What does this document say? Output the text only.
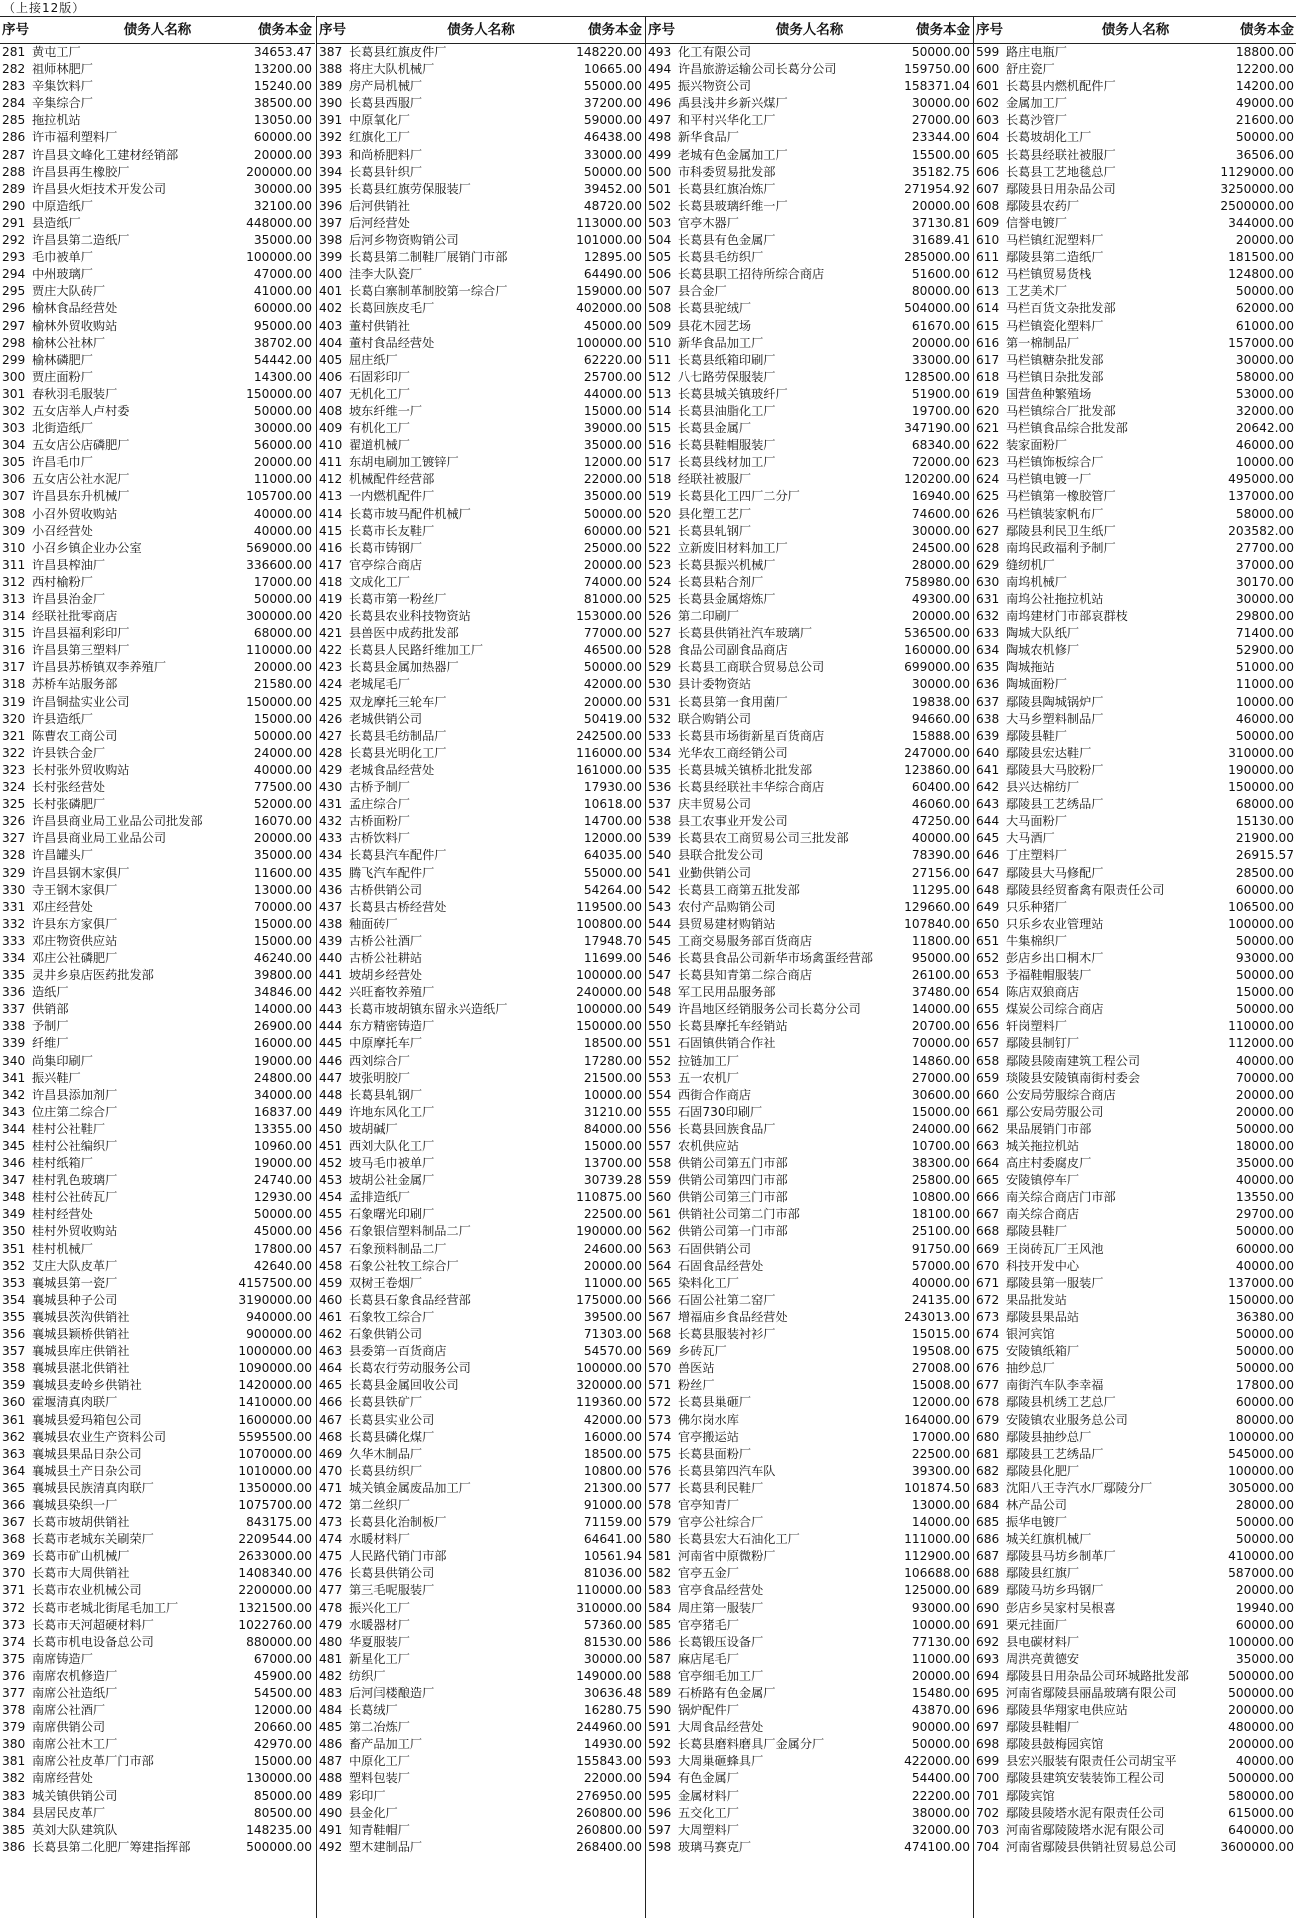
（上接12版）
序号	债务人名称	债务本金
281 黄屯工厂	34653.47
282 祖师林肥厂	13200.00
283 辛集饮料厂	15240.00
284 辛集综合厂	38500.00
285 拖拉机站	13050.00
286 许市福利塑料厂	60000.00
287 许昌县文峰化工建材经销部	20000.00
288 许昌县再生橡胶厂	200000.00
289 许昌县火炬技术开发公司	30000.00
290 中原造纸厂	32100.00
291 县造纸厂	448000.00
292 许昌县第二造纸厂	35000.00
293 毛巾被单厂	100000.00
294 中州玻璃厂	47000.00
295 贾庄大队砖厂	41000.00
296 榆林食品经营处	60000.00
297 榆林外贸收购站	95000.00
298 榆林公社林厂	38702.00
299 榆林磷肥厂	54442.00
300 贾庄面粉厂	14300.00
301 春秋羽毛服装厂	150000.00
302 五女店举人卢村委	50000.00
303 北街造纸厂	30000.00
304 五女店公店磷肥厂	56000.00
305 许昌毛巾厂	20000.00
306 五女店公社水泥厂	11000.00
307 许昌县东升机械厂	105700.00
308 小召外贸收购站	40000.00
309 小召经营处	40000.00
310 小召乡镇企业办公室	569000.00
311 许昌县榨油厂	336600.00
312 西村榆粉厂	17000.00
313 许昌县治金厂	50000.00
314 经联社批零商店	300000.00
315 许昌县福利彩印厂	68000.00
316 许昌县第三塑料厂	110000.00
317 许昌县苏桥镇双李养殖厂	20000.00
318 苏桥车站服务部	21580.00
319 许昌铜盐实业公司	150000.00
320 许县造纸厂	15000.00
321 陈曹农工商公司	50000.00
322 许县铁合金厂	24000.00
323 长村张外贸收购站	40000.00
324 长村张经营处	77500.00
325 长村张磷肥厂	52000.00
326 许昌县商业局工业品公司批发部	16070.00
327 许昌县商业局工业品公司	20000.00
328 许昌罐头厂	35000.00
329 许昌县钢木家俱厂	11600.00
330 寺王钢木家俱厂	13000.00
331 邓庄经营处	70000.00
332 许县东方家俱厂	15000.00
333 邓庄物资供应站	15000.00
334 邓庄公社磷肥厂	46240.00
335 灵井乡泉店医药批发部	39800.00
336 造纸厂	34846.00
337 供销部	14000.00
338 予制厂	26900.00
339 纤维厂	16000.00
340 尚集印刷厂	19000.00
341 振兴鞋厂	24800.00
342 许昌县添加剂厂	34000.00
343 位庄第二综合厂	16837.00
344 桂村公社鞋厂	13355.00
345 桂村公社编织厂	10960.00
346 桂村纸箱厂	19000.00
347 桂村乳色玻璃厂	24740.00
348 桂村公社砖瓦厂	12930.00
349 桂村经营处	50000.00
350 桂村外贸收购站	45000.00
351 桂村机械厂	17800.00
352 艾庄大队皮革厂	42640.00
353 襄城县第一瓷厂	4157500.00
354 襄城县种子公司	3190000.00
355 襄城县茨沟供销社	940000.00
356 襄城县颖桥供销社	900000.00
357 襄城县库庄供销社	1000000.00
358 襄城县湛北供销社	1090000.00
359 襄城县麦岭乡供销社	1420000.00
360 霍堰清真肉联厂	1410000.00
361 襄城县爱玛箱包公司	1600000.00
362 襄城县农业生产资料公司	5595500.00
363 襄城县果品日杂公司	1070000.00
364 襄城县土产日杂公司	1010000.00
365 襄城县民族清真肉联厂	1350000.00
366 襄城县染织一厂	1075700.00
367 长葛市坡胡供销社	843175.00
368 长葛市老城东关刷荣厂	2209544.00
369 长葛市矿山机械厂	2633000.00
370 长葛市大周供销社	1408340.00
371 长葛市农业机械公司	2200000.00
372 长葛市老城北街尾毛加工厂	1321500.00
373 长葛市天河超硬材料厂	1022760.00
374 长葛市机电设备总公司	880000.00
375 南席铸造厂	67000.00
376 南席农机修造厂	45900.00
377 南席公社造纸厂	54500.00
378 南席公社酒厂	12000.00
379 南席供销公司	20660.00
380 南席公社木工厂	42970.00
381 南席公社皮革厂门市部	15000.00
382 南席经营处	130000.00
383 城关镇供销公司	85000.00
384 县居民皮革厂	80500.00
385 英刘大队建筑队	148235.00
386 长葛县第二化肥厂筹建指挥部	500000.00
序号	债务人名称	债务本金
387 长葛县红旗皮件厂	148220.00
388 将庄大队机械厂	10665.00
389 房产局机械厂	55000.00
390 长葛县西服厂	37200.00
391 中原氧化厂	59000.00
392 红旗化工厂	46438.00
393 和尚桥肥料厂	33000.00
394 长葛县针织厂	50000.00
395 长葛县红旗劳保服装厂	39452.00
396 后河供销社	48720.00
397 后河经营处	113000.00
398 后河乡物资购销公司	101000.00
399 长葛县第二制鞋厂展销门市部	12895.00
400 洼李大队瓷厂	64490.00
401 长葛白寨制革制胶第一综合厂	159000.00
402 长葛回族皮毛厂	402000.00
403 董村供销社	45000.00
404 董村食品经营处	100000.00
405 屈庄纸厂	62220.00
406 石固彩印厂	25700.00
407 无机化工厂	44000.00
408 坡东纤维一厂	15000.00
409 有机化工厂	39000.00
410 翟道机械厂	35000.00
411 东胡电刷加工镀锌厂	12000.00
412 机械配件经营部	22000.00
413 一内燃机配件厂	35000.00
414 长葛市坡马配件机械厂	50000.00
415 长葛市长友鞋厂	60000.00
416 长葛市铸钢厂	25000.00
417 官亭综合商店	20000.00
418 文成化工厂	74000.00
419 长葛市第一粉丝厂	81000.00
420 长葛县农业科技物资站	153000.00
421 县兽医中成药批发部	77000.00
422 长葛县人民路纤维加工厂	46500.00
423 长葛县金属加热器厂	50000.00
424 老城尾毛厂	42000.00
425 双龙摩托三轮车厂	20000.00
426 老城供销公司	50419.00
427 长葛县毛纺制品厂	242500.00
428 长葛县光明化工厂	116000.00
429 老城食品经营处	161000.00
430 古桥予制厂	17930.00
431 孟庄综合厂	10618.00
432 古桥面粉厂	14700.00
433 古桥饮料厂	12000.00
434 长葛县汽车配件厂	64035.00
435 腾飞汽车配件厂	55000.00
436 古桥供销公司	54264.00
437 长葛县古桥经营处	119500.00
438 釉面砖厂	100800.00
439 古桥公社酒厂	17948.70
440 古桥公社耕站	11699.00
441 坡胡乡经营处	100000.00
442 兴旺畜牧养殖厂	240000.00
443 长葛市坡胡镇东留永兴造纸厂	100000.00
444 东方精密铸造厂	150000.00
445 中原摩托车厂	18500.00
446 西刘综合厂	17280.00
447 坡张明胶厂	21500.00
448 长葛县轧钢厂	10000.00
449 许地东风化工厂	31210.00
450 坡胡碱厂	84000.00
451 西刘大队化工厂	15000.00
452 坡马毛巾被单厂	13700.00
453 坡胡公社金属厂	30739.28
454 孟排造纸厂	110875.00
455 石象曙光印刷厂	22500.00
456 石象银信塑料制品二厂	190000.00
457 石象预料制品二厂	24600.00
458 石象公社牧工综合厂	20000.00
459 双树王卷烟厂	11000.00
460 长葛县石象食品经营部	175000.00
461 石象牧工综合厂	39500.00
462 石象供销公司	71303.00
463 县委第一百货商店	54570.00
464 长葛农行劳动服务公司	100000.00
465 长葛县金属回收公司	320000.00
466 长葛县铁矿厂	119360.00
467 长葛县实业公司	42000.00
468 长葛县磷化煤厂	16000.00
469 久华木制品厂	18500.00
470 长葛县纺织厂	10800.00
471 城关镇金属废品加工厂	21300.00
472 第二丝织厂	91000.00
473 长葛县化治制板厂	71159.00
474 水暖材料厂	64641.00
475 人民路代销门市部	10561.94
476 长葛县供销公司	81036.00
477 第三毛呢服装厂	110000.00
478 振兴化工厂	310000.00
479 水暖器材厂	57360.00
480 华夏服装厂	81530.00
481 新星化工厂	30000.00
482 纺织厂	149000.00
483 后河闫楼酿造厂	30636.48
484 长葛绒厂	16280.75
485 第二冶炼厂	244960.00
486 畜产品加工厂	14930.00
487 中原化工厂	155843.00
488 塑料包装厂	22000.00
489 彩印厂	276950.00
490 县金化厂	260800.00
491 知青鞋帽厂	260800.00
492 塑木建制品厂	268400.00
序号	债务人名称	债务本金
493 化工有限公司	50000.00
494 许昌旅游运输公司长葛分公司	159750.00
495 振兴物资公司	158371.04
496 禹县浅井乡新兴煤厂	30000.00
497 和平村兴华化工厂	27000.00
498 新华食品厂	23344.00
499 老城有色金属加工厂	15500.00
500 市科委贸易批发部	35182.75
501 长葛县红旗冶炼厂	271954.92
502 长葛县玻璃纤维一厂	20000.00
503 官亭木器厂	37130.81
504 长葛县有色金属厂	31689.41
505 长葛县毛纺织厂	285000.00
506 长葛县职工招待所综合商店	51600.00
507 县合金厂	80000.00
508 长葛县驼绒厂	504000.00
509 县花木园艺场	61670.00
510 新华食品加工厂	20000.00
511 长葛县纸箱印刷厂	33000.00
512 八七路劳保服装厂	128500.00
513 长葛县城关镇玻纤厂	51900.00
514 长葛县油脂化工厂	19700.00
515 长葛县金属厂	347190.00
516 长葛县鞋帽服装厂	68340.00
517 长葛县线材加工厂	72000.00
518 经联社被服厂	120200.00
519 长葛县化工四厂二分厂	16940.00
520 县化塑工艺厂	74600.00
521 长葛县轧钢厂	30000.00
522 立新废旧材料加工厂	24500.00
523 长葛县振兴机械厂	28000.00
524 长葛县粘合剂厂	758980.00
525 长葛县金属熔炼厂	49300.00
526 第二印刷厂	20000.00
527 长葛县供销社汽车玻璃厂	536500.00
528 食品公司副食品商店	160000.00
529 长葛县工商联合贸易总公司	699000.00
530 县计委物资站	30000.00
531 长葛县第一食用菌厂	19838.00
532 联合购销公司	94660.00
533 长葛县市场街新星百货商店	15888.00
534 光华农工商经销公司	247000.00
535 长葛县城关镇桥北批发部	123860.00
536 长葛县经联社丰华综合商店	60400.00
537 庆丰贸易公司	46060.00
538 县工农事业开发公司	47250.00
539 长葛县农工商贸易公司三批发部	40000.00
540 县联合批发公司	78390.00
541 业勤供销公司	27156.00
542 长葛县工商第五批发部	11295.00
543 农付产品购销公司	129660.00
544 县贸易建材购销站	107840.00
545 工商交易服务部百货商店	11800.00
546 长葛县食品公司新华市场禽蛋经营部	95000.00
547 长葛县知青第二综合商店	26100.00
548 军工民用品服务部	37480.00
549 许昌地区经销服务公司长葛分公司	14000.00
550 长葛县摩托车经销站	20700.00
551 石固镇供销合作社	70000.00
552 拉链加工厂	14860.00
553 五一农机厂	27000.00
554 西街合作商店	30600.00
555 石固730印刷厂	15000.00
556 长葛县回族食品厂	24000.00
557 农机供应站	10700.00
558 供销公司第五门市部	38300.00
559 供销公司第四门市部	25800.00
560 供销公司第三门市部	10800.00
561 供销社公司第二门市部	18100.00
562 供销公司第一门市部	25100.00
563 石固供销公司	91750.00
564 石固食品经营处	57000.00
565 染料化工厂	40000.00
566 石固公社第二窑厂	24135.00
567 增福庙乡食品经营处	243013.00
568 长葛县服装衬衫厂	15015.00
569 乡砖瓦厂	19508.00
570 兽医站	27008.00
571 粉丝厂	15008.00
572 长葛县巢砸厂	12000.00
573 佛尔岗水库	164000.00
574 官亭搬运站	17000.00
575 长葛县面粉厂	22500.00
576 长葛县第四汽车队	39300.00
577 长葛县利民鞋厂	101874.50
578 官亭知青厂	13000.00
579 官亭公社综合厂	14000.00
580 长葛县宏大石油化工厂	111000.00
581 河南省中原微粉厂	112900.00
582 官亭五金厂	106688.00
583 官亭食品经营处	125000.00
584 周庄第一服装厂	93000.00
585 官亭猪毛厂	10000.00
586 长葛锻压设备厂	77130.00
587 麻店尾毛厂	11000.00
588 官亭细毛加工厂	20000.00
589 石桥路有色金属厂	15480.00
590 锅炉配件厂	43870.00
591 大周食品经营处	90000.00
592 长葛县磨料磨具厂金属分厂	50000.00
593 大周巢砸蜂具厂	422000.00
594 有色金属厂	54400.00
595 金属材料厂	22200.00
596 五交化工厂	38000.00
597 大周塑料厂	32000.00
598 玻璃马赛克厂	474100.00
序号	债务人名称	债务本金
599 路庄电瓶厂	18800.00
600 舒庄瓷厂	12200.00
601 长葛县内燃机配件厂	14200.00
602 金属加工厂	49000.00
603 长葛沙管厂	21600.00
604 长葛坡胡化工厂	50000.00
605 长葛县经联社被服厂	36506.00
606 长葛县工艺地毯总厂	1129000.00
607 鄢陵县日用杂品公司	3250000.00
608 鄢陵县农药厂	2500000.00
609 信誉电镀厂	344000.00
610 马栏镇红泥塑料厂	20000.00
611 鄢陵县第二造纸厂	181500.00
612 马栏镇贸易货栈	124800.00
613 工艺美术厂	50000.00
614 马栏百货文杂批发部	62000.00
615 马栏镇瓷化塑料厂	61000.00
616 第一棉制品厂	157000.00
617 马栏镇糖杂批发部	30000.00
618 马栏镇日杂批发部	58000.00
619 国营鱼种繁殖场	53000.00
620 马栏镇综合厂批发部	32000.00
621 马栏镇食品综合批发部	20642.00
622 装家面粉厂	46000.00
623 马栏镇饰板综合厂	10000.00
624 马栏镇电镀一厂	495000.00
625 马栏镇第一橡胶管厂	137000.00
626 马栏镇装家帆布厂	58000.00
627 鄢陵县利民卫生纸厂	203582.00
628 南坞民政福利予制厂	27700.00
629 缝纫机厂	37000.00
630 南坞机械厂	30170.00
631 南坞公社拖拉机站	30000.00
632 南坞建材门市部哀群枝	29800.00
633 陶城大队纸厂	71400.00
634 陶城农机修厂	52900.00
635 陶城拖站	51000.00
636 陶城面粉厂	11000.00
637 鄢陵县陶城锅炉厂	10000.00
638 大马乡塑料制品厂	46000.00
639 鄢陵县鞋厂	50000.00
640 鄢陵县宏达鞋厂	310000.00
641 鄢陵县大马胶粉厂	190000.00
642 县兴达棉纺厂	150000.00
643 鄢陵县工艺绣品厂	68000.00
644 大马面粉厂	15130.00
645 大马酒厂	21900.00
646 丁庄塑料厂	26915.57
647 鄢陵县大马修配厂	28500.00
648 鄢陵县经贸畜禽有限责任公司	60000.00
649 只乐种猪厂	106500.00
650 只乐乡农业管理站	100000.00
651 牛集棉织厂	50000.00
652 彭店乡出口桐木厂	93000.00
653 予福鞋帽服装厂	50000.00
654 陈店双狼商店	15000.00
655 煤炭公司综合商店	50000.00
656 轩岗塑料厂	110000.00
657 鄢陵县制钉厂	112000.00
658 鄢陵县陵南建筑工程公司	40000.00
659 琰陵县安陵镇南街村委会	70000.00
660 公安局劳服综合商店	20000.00
661 鄢公安局劳服公司	20000.00
662 果品展销门市部	50000.00
663 城关拖拉机站	18000.00
664 高庄村委腐皮厂	35000.00
665 安陵镇停车厂	40000.00
666 南关综合商店门市部	13550.00
667 南关综合商店	29700.00
668 鄢陵县鞋厂	50000.00
669 王岗砖瓦厂王风池	60000.00
670 科技开发中心	40000.00
671 鄢陵县第一服装厂	137000.00
672 果品批发站	150000.00
673 鄢陵县果品站	36380.00
674 银河宾馆	50000.00
675 安陵镇纸箱厂	50000.00
676 抽纱总厂	50000.00
677 南街汽车队李幸福	17800.00
678 鄢陵县机绣工艺总厂	60000.00
679 安陵镇农业服务总公司	80000.00
680 鄢陵县抽纱总厂	100000.00
681 鄢陵县工艺绣品厂	545000.00
682 鄢陵县化肥厂	100000.00
683 沈阳八王寺汽水厂鄢陵分厂	305000.00
684 林产品公司	28000.00
685 振华电镀厂	50000.00
686 城关红旗机械厂	50000.00
687 鄢陵县马坊乡制革厂	410000.00
688 鄢陵县红旗厂	587000.00
689 鄢陵马坊乡玛钢厂	20000.00
690 彭店乡吴家村吴根喜	19940.00
691 栗元挂面厂	60000.00
692 县电碳材料厂	100000.00
693 周洪亮黄德安	35000.00
694 鄢陵县日用杂品公司环城路批发部	500000.00
695 河南省鄢陵县丽晶玻璃有限公司	500000.00
696 鄢陵县华翔家电供应站	200000.00
697 鄢陵县鞋帽厂	480000.00
698 鄢陵县鼓梅园宾馆	200000.00
699 县宏兴服装有限责任公司胡宝平	40000.00
700 鄢陵县建筑安装装饰工程公司	500000.00
701 鄢陵宾馆	580000.00
702 鄢陵县陵塔水泥有限责任公司	615000.00
703 河南省鄢陵陵塔水泥有限公司	640000.00
704 河南省鄢陵县供销社贸易总公司	3600000.00
